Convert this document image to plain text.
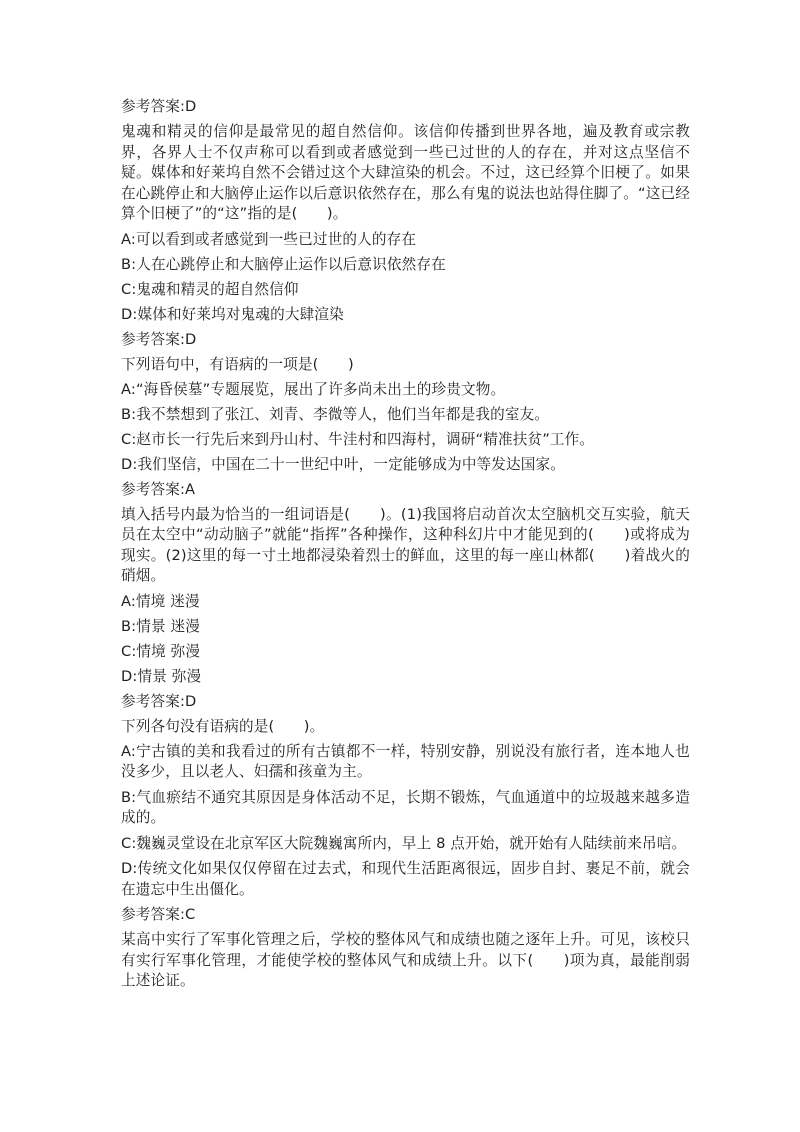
参考答案:D
鬼魂和精灵的信仰是最常见的超自然信仰。该信仰传播到世界各地，遍及教育或宗教界，各界人士不仅声称可以看到或者感觉到一些已过世的人的存在，并对这点坚信不疑。媒体和好莱坞自然不会错过这个大肆渲染的机会。不过，这已经算个旧梗了。如果在心跳停止和大脑停止运作以后意识依然存在，那么有鬼的说法也站得住脚了。“这已经算个旧梗了”的“这”指的是(　　)。
A:可以看到或者感觉到一些已过世的人的存在
B:人在心跳停止和大脑停止运作以后意识依然存在
C:鬼魂和精灵的超自然信仰
D:媒体和好莱坞对鬼魂的大肆渲染
参考答案:D
下列语句中，有语病的一项是(　　)
A:“海昏侯墓”专题展览，展出了许多尚未出土的珍贵文物。
B:我不禁想到了张江、刘青、李微等人，他们当年都是我的室友。
C:赵市长一行先后来到丹山村、牛洼村和四海村，调研“精准扶贫”工作。
D:我们坚信，中国在二十一世纪中叶，一定能够成为中等发达国家。
参考答案:A
填入括号内最为恰当的一组词语是(　　)。(1)我国将启动首次太空脑机交互实验，航天员在太空中“动动脑子”就能“指挥”各种操作，这种科幻片中才能见到的(　　)或将成为现实。(2)这里的每一寸土地都浸染着烈士的鲜血，这里的每一座山林都(　　)着战火的硝烟。
A:情境 迷漫
B:情景 迷漫
C:情境 弥漫
D:情景 弥漫
参考答案:D
下列各句没有语病的是(　　)。
A:宁古镇的美和我看过的所有古镇都不一样，特别安静，别说没有旅行者，连本地人也没多少，且以老人、妇孺和孩童为主。
B:气血瘀结不通究其原因是身体活动不足，长期不锻炼，气血通道中的垃圾越来越多造成的。
C:魏巍灵堂设在北京军区大院魏巍寓所内，早上 8 点开始，就开始有人陆续前来吊唁。
D:传统文化如果仅仅停留在过去式，和现代生活距离很远，固步自封、裹足不前，就会在遗忘中生出僵化。
参考答案:C
某高中实行了军事化管理之后，学校的整体风气和成绩也随之逐年上升。可见，该校只有实行军事化管理，才能使学校的整体风气和成绩上升。以下(　　)项为真，最能削弱上述论证。
